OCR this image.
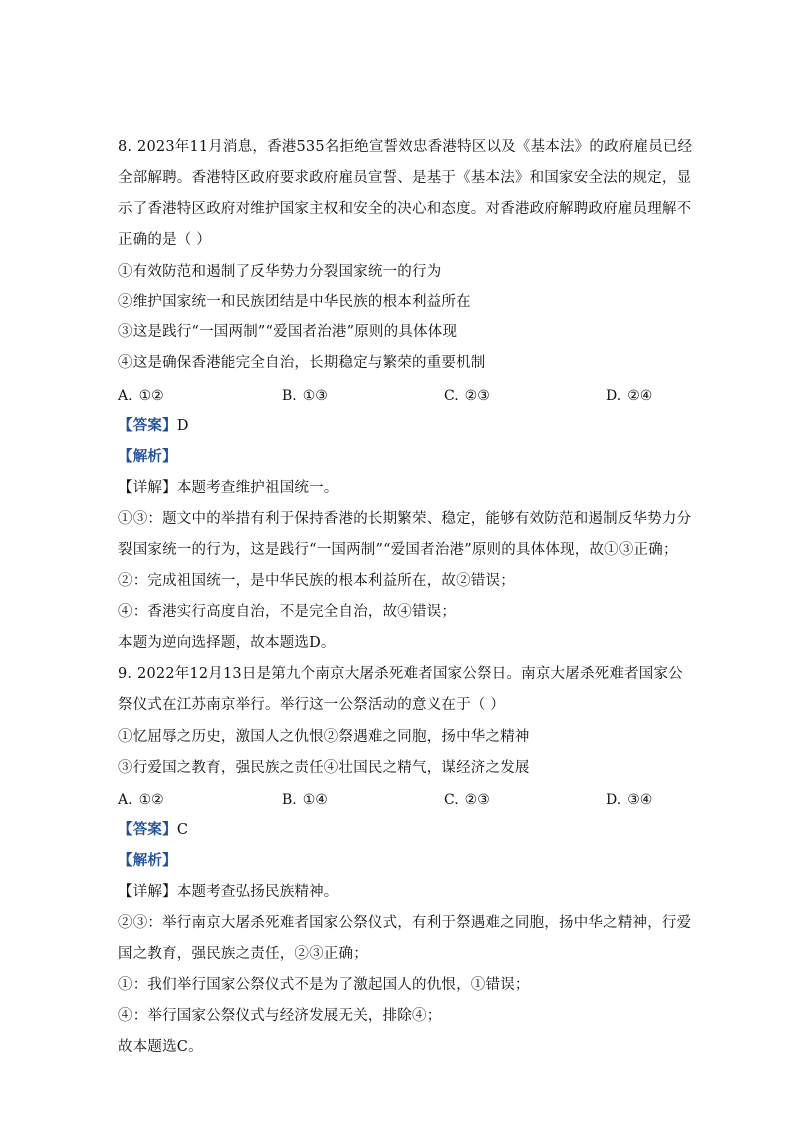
8. 2023年11月消息，香港535名拒绝宣誓效忠香港特区以及《基本法》的政府雇员已经
全部解聘。香港特区政府要求政府雇员宣誓、是基于《基本法》和国家安全法的规定，显
示了香港特区政府对维护国家主权和安全的决心和态度。对香港政府解聘政府雇员理解不
正确的是（ ）
①有效防范和遏制了反华势力分裂国家统一的行为
②维护国家统一和民族团结是中华民族的根本利益所在
③这是践行“一国两制”“爱国者治港”原则的具体体现
④这是确保香港能完全自治，长期稳定与繁荣的重要机制
A. ①②	B. ①③	C. ②③	D. ②④
【答案】D
【解析】
【详解】本题考查维护祖国统一。
①③：题文中的举措有利于保持香港的长期繁荣、稳定，能够有效防范和遏制反华势力分
裂国家统一的行为，这是践行“一国两制”“爱国者治港”原则的具体体现，故①③正确；
②：完成祖国统一，是中华民族的根本利益所在，故②错误；
④：香港实行高度自治，不是完全自治，故④错误；
本题为逆向选择题，故本题选D。
9. 2022年12月13日是第九个南京大屠杀死难者国家公祭日。南京大屠杀死难者国家公
祭仪式在江苏南京举行。举行这一公祭活动的意义在于（ ）
①忆屈辱之历史，激国人之仇恨②祭遇难之同胞，扬中华之精神
③行爱国之教育，强民族之责任④壮国民之精气，谋经济之发展
A. ①②	B. ①④	C. ②③	D. ③④
【答案】C
【解析】
【详解】本题考查弘扬民族精神。
②③：举行南京大屠杀死难者国家公祭仪式，有利于祭遇难之同胞，扬中华之精神，行爱
国之教育，强民族之责任，②③正确；
①：我们举行国家公祭仪式不是为了激起国人的仇恨，①错误；
④：举行国家公祭仪式与经济发展无关，排除④；
故本题选C。
